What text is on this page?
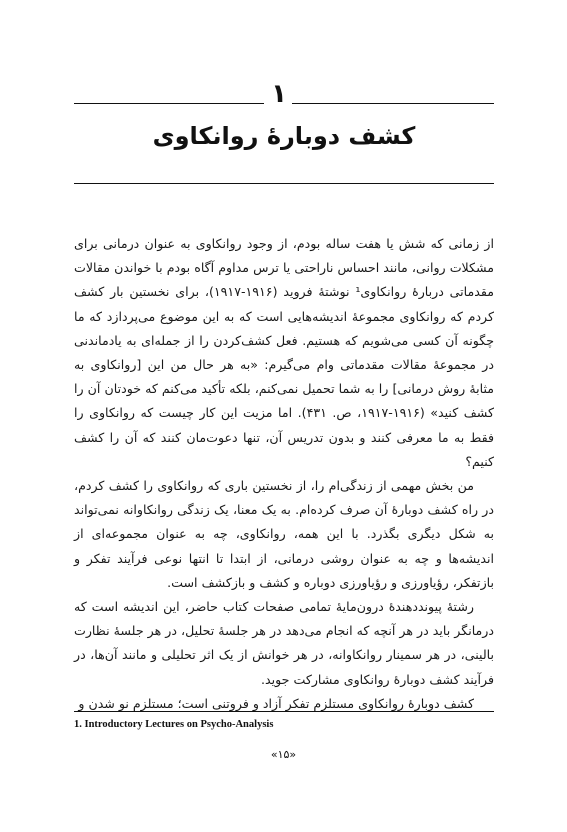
۱
کشف دوبارهٔ روانکاوی

از زمانی که شش یا هفت ساله بودم، از وجود روانکاوی به عنوان درمانی برای مشکلات روانی، مانند احساس ناراحتی یا ترس مداوم آگاه بودم با خواندن مقالات مقدماتی دربارهٔ روانکاوی¹ نوشتهٔ فروید (۱۹۱۶-۱۹۱۷)، برای نخستین بار کشف کردم که روانکاوی مجموعهٔ اندیشه‌هایی است که به این موضوع می‌پردازد که ما چگونه آن کسی می‌شویم که هستیم. فعل کشف‌کردن را از جمله‌ای به یادماندنی در مجموعهٔ مقالات مقدماتی وام می‌گیرم: «به هر حال من این [روانکاوی به مثابهٔ روش درمانی] را به شما تحمیل نمی‌کنم، بلکه تأکید می‌کنم که خودتان آن را کشف کنید» (۱۹۱۶-۱۹۱۷، ص. ۴۳۱). اما مزیت این کار چیست که روانکاوی را فقط به ما معرفی کنند و بدون تدریس آن، تنها دعوت‌مان کنند که آن را کشف کنیم؟

من بخش مهمی از زندگی‌ام را، از نخستین باری که روانکاوی را کشف کردم، در راه کشف دوبارهٔ آن صرف کرده‌ام. به یک معنا، یک زندگی روانکاوانه نمی‌تواند به شکل دیگری بگذرد. با این همه، روانکاوی، چه به عنوان مجموعه‌ای از اندیشه‌ها و چه به عنوان روشی درمانی، از ابتدا تا انتها نوعی فرآیند تفکر و بازتفکر، رؤیاورزی و رؤیاورزی دوباره و کشف و بازکشف است.

رشتهٔ پیونددهندهٔ درون‌مایهٔ تمامی صفحات کتاب حاضر، این اندیشه است که درمانگر باید در هر آنچه که انجام می‌دهد در هر جلسهٔ تحلیل، در هر جلسهٔ نظارت بالینی، در هر سمینار روانکاوانه، در هر خوانش از یک اثر تحلیلی و مانند آن‌ها، در فرآیند کشف دوبارهٔ روانکاوی مشارکت جوید.

کشف دوبارهٔ روانکاوی مستلزم تفکر آزاد و فروتنی است؛ مستلزم نو شدن و

1. Introductory Lectures on Psycho-Analysis
«۱۵»
